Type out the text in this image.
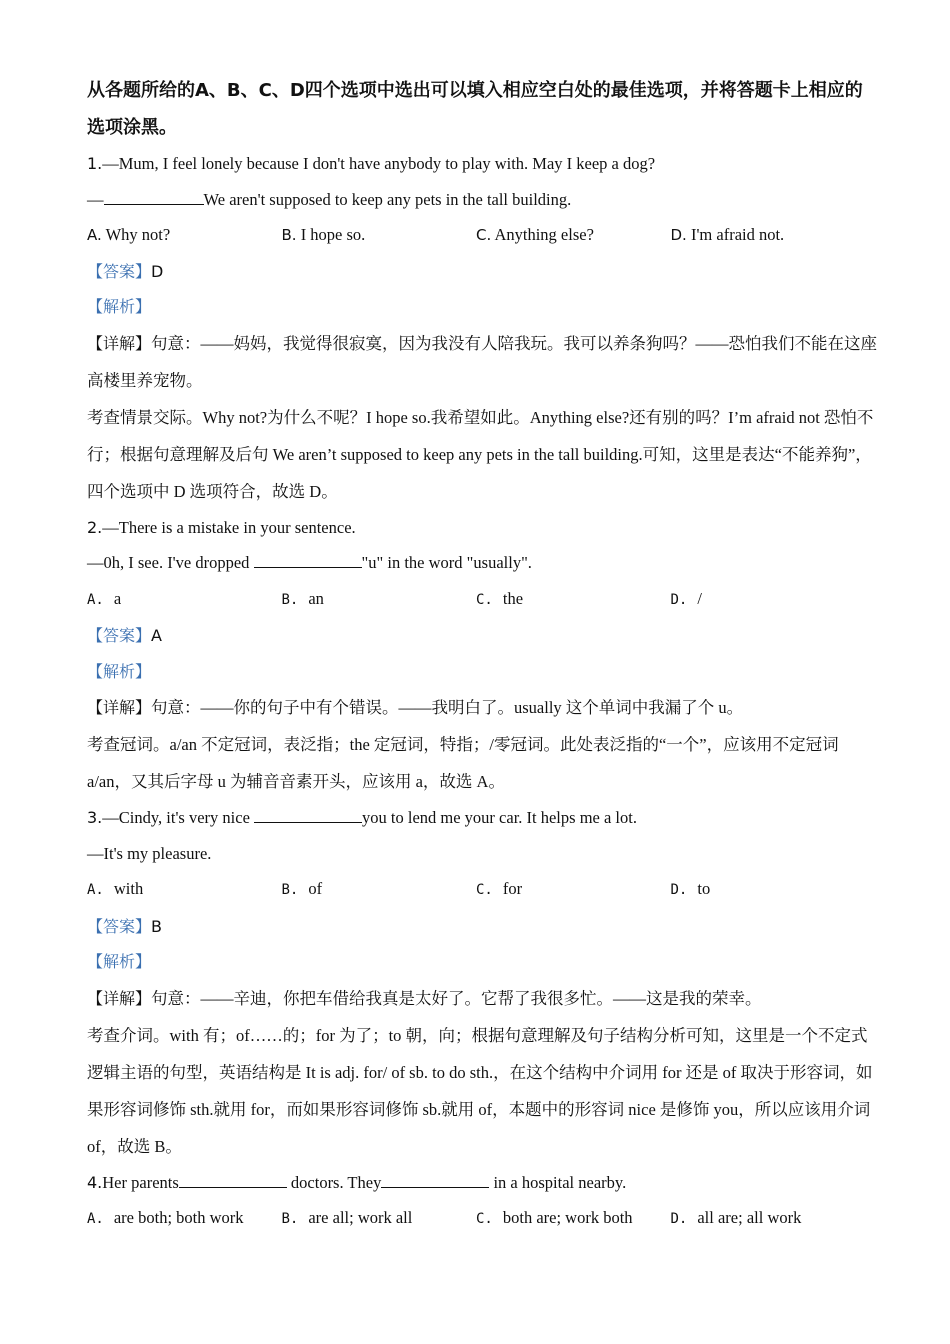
从各题所给的A、B、C、D四个选项中选出可以填入相应空白处的最佳选项，并将答题卡上相应的选项涂黑。
1.—Mum, I feel lonely because I don't have anybody to play with. May I keep a dog?
—	We aren't supposed to keep any pets in the tall building.
A. Why not?	B. I hope so.	C. Anything else?	D. I'm afraid not.
【答案】D
【解析】
【详解】句意：——妈妈，我觉得很寂寞，因为我没有人陪我玩。我可以养条狗吗？——恐怕我们不能在这座高楼里养宠物。
考查情景交际。Why not?为什么不呢？I hope so.我希望如此。Anything else?还有别的吗？I’m afraid not 恐怕不行；根据句意理解及后句 We aren’t supposed to keep any pets in the tall building.可知，这里是表达“不能养狗”，四个选项中 D 选项符合，故选 D。
2.—There is a mistake in your sentence.
—0h, I see. I've dropped	"u" in the word "usually".
A. a	B. an	C. the	D. /
【答案】A
【解析】
【详解】句意：——你的句子中有个错误。——我明白了。usually 这个单词中我漏了个 u。
考查冠词。a/an 不定冠词，表泛指；the 定冠词，特指；/零冠词。此处表泛指的“一个”，应该用不定冠词 a/an，又其后字母 u 为辅音音素开头，应该用 a，故选 A。
3.—Cindy, it's very nice	you to lend me your car. It helps me a lot.
—It's my pleasure.
A. with	B. of	C. for	D. to
【答案】B
【解析】
【详解】句意：——辛迪，你把车借给我真是太好了。它帮了我很多忙。——这是我的荣幸。
考查介词。with 有；of……的；for 为了；to 朝，向；根据句意理解及句子结构分析可知，这里是一个不定式逻辑主语的句型，英语结构是 It is adj. for/ of sb. to do sth.，在这个结构中介词用 for 还是 of 取决于形容词，如果形容词修饰 sth.就用 for，而如果形容词修饰 sb.就用 of，本题中的形容词 nice 是修饰 you，所以应该用介词 of，故选 B。
4.Her parents	doctors. They	in a hospital nearby.
A. are both; both work	B. are all; work all	C. both are; work both	D. all are; all work
